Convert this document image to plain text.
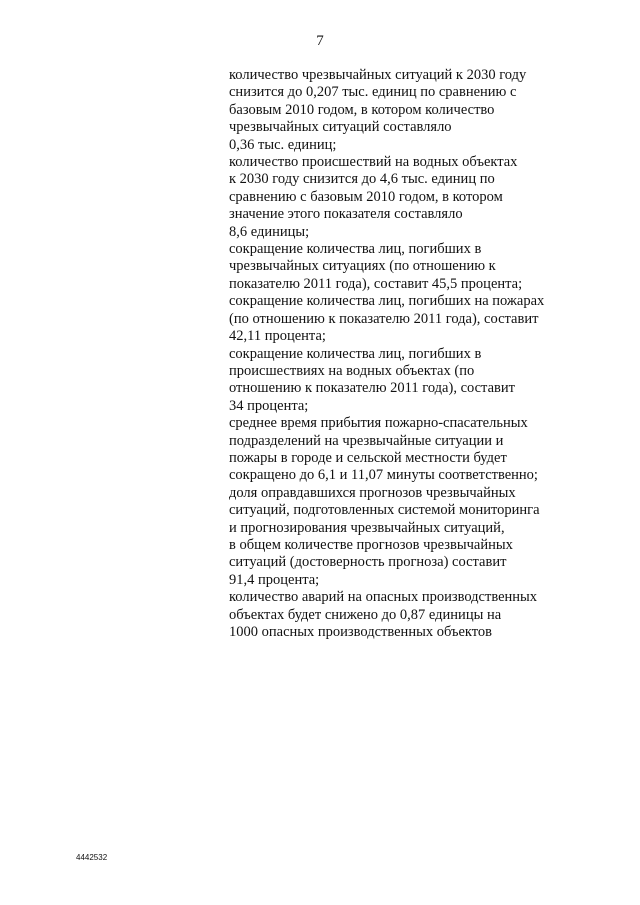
7
количество чрезвычайных ситуаций к 2030 году
снизится до 0,207 тыс. единиц по сравнению с
базовым 2010 годом, в котором количество
чрезвычайных ситуаций составляло
0,36 тыс. единиц;
количество происшествий на водных объектах
к 2030 году снизится до 4,6 тыс. единиц по
сравнению с базовым 2010 годом, в котором
значение этого показателя составляло
8,6 единицы;
сокращение количества лиц, погибших в
чрезвычайных ситуациях (по отношению к
показателю 2011 года), составит 45,5 процента;
сокращение количества лиц, погибших на пожарах
(по отношению к показателю 2011 года), составит
42,11 процента;
сокращение количества лиц, погибших в
происшествиях на водных объектах (по
отношению к показателю 2011 года), составит
34 процента;
среднее время прибытия пожарно-спасательных
подразделений на чрезвычайные ситуации и
пожары в городе и сельской местности будет
сокращено до 6,1 и 11,07 минуты соответственно;
доля оправдавшихся прогнозов чрезвычайных
ситуаций, подготовленных системой мониторинга
и прогнозирования чрезвычайных ситуаций,
в общем количестве прогнозов чрезвычайных
ситуаций (достоверность прогноза) составит
91,4 процента;
количество аварий на опасных производственных
объектах будет снижено до 0,87 единицы на
1000 опасных производственных объектов
4442532
